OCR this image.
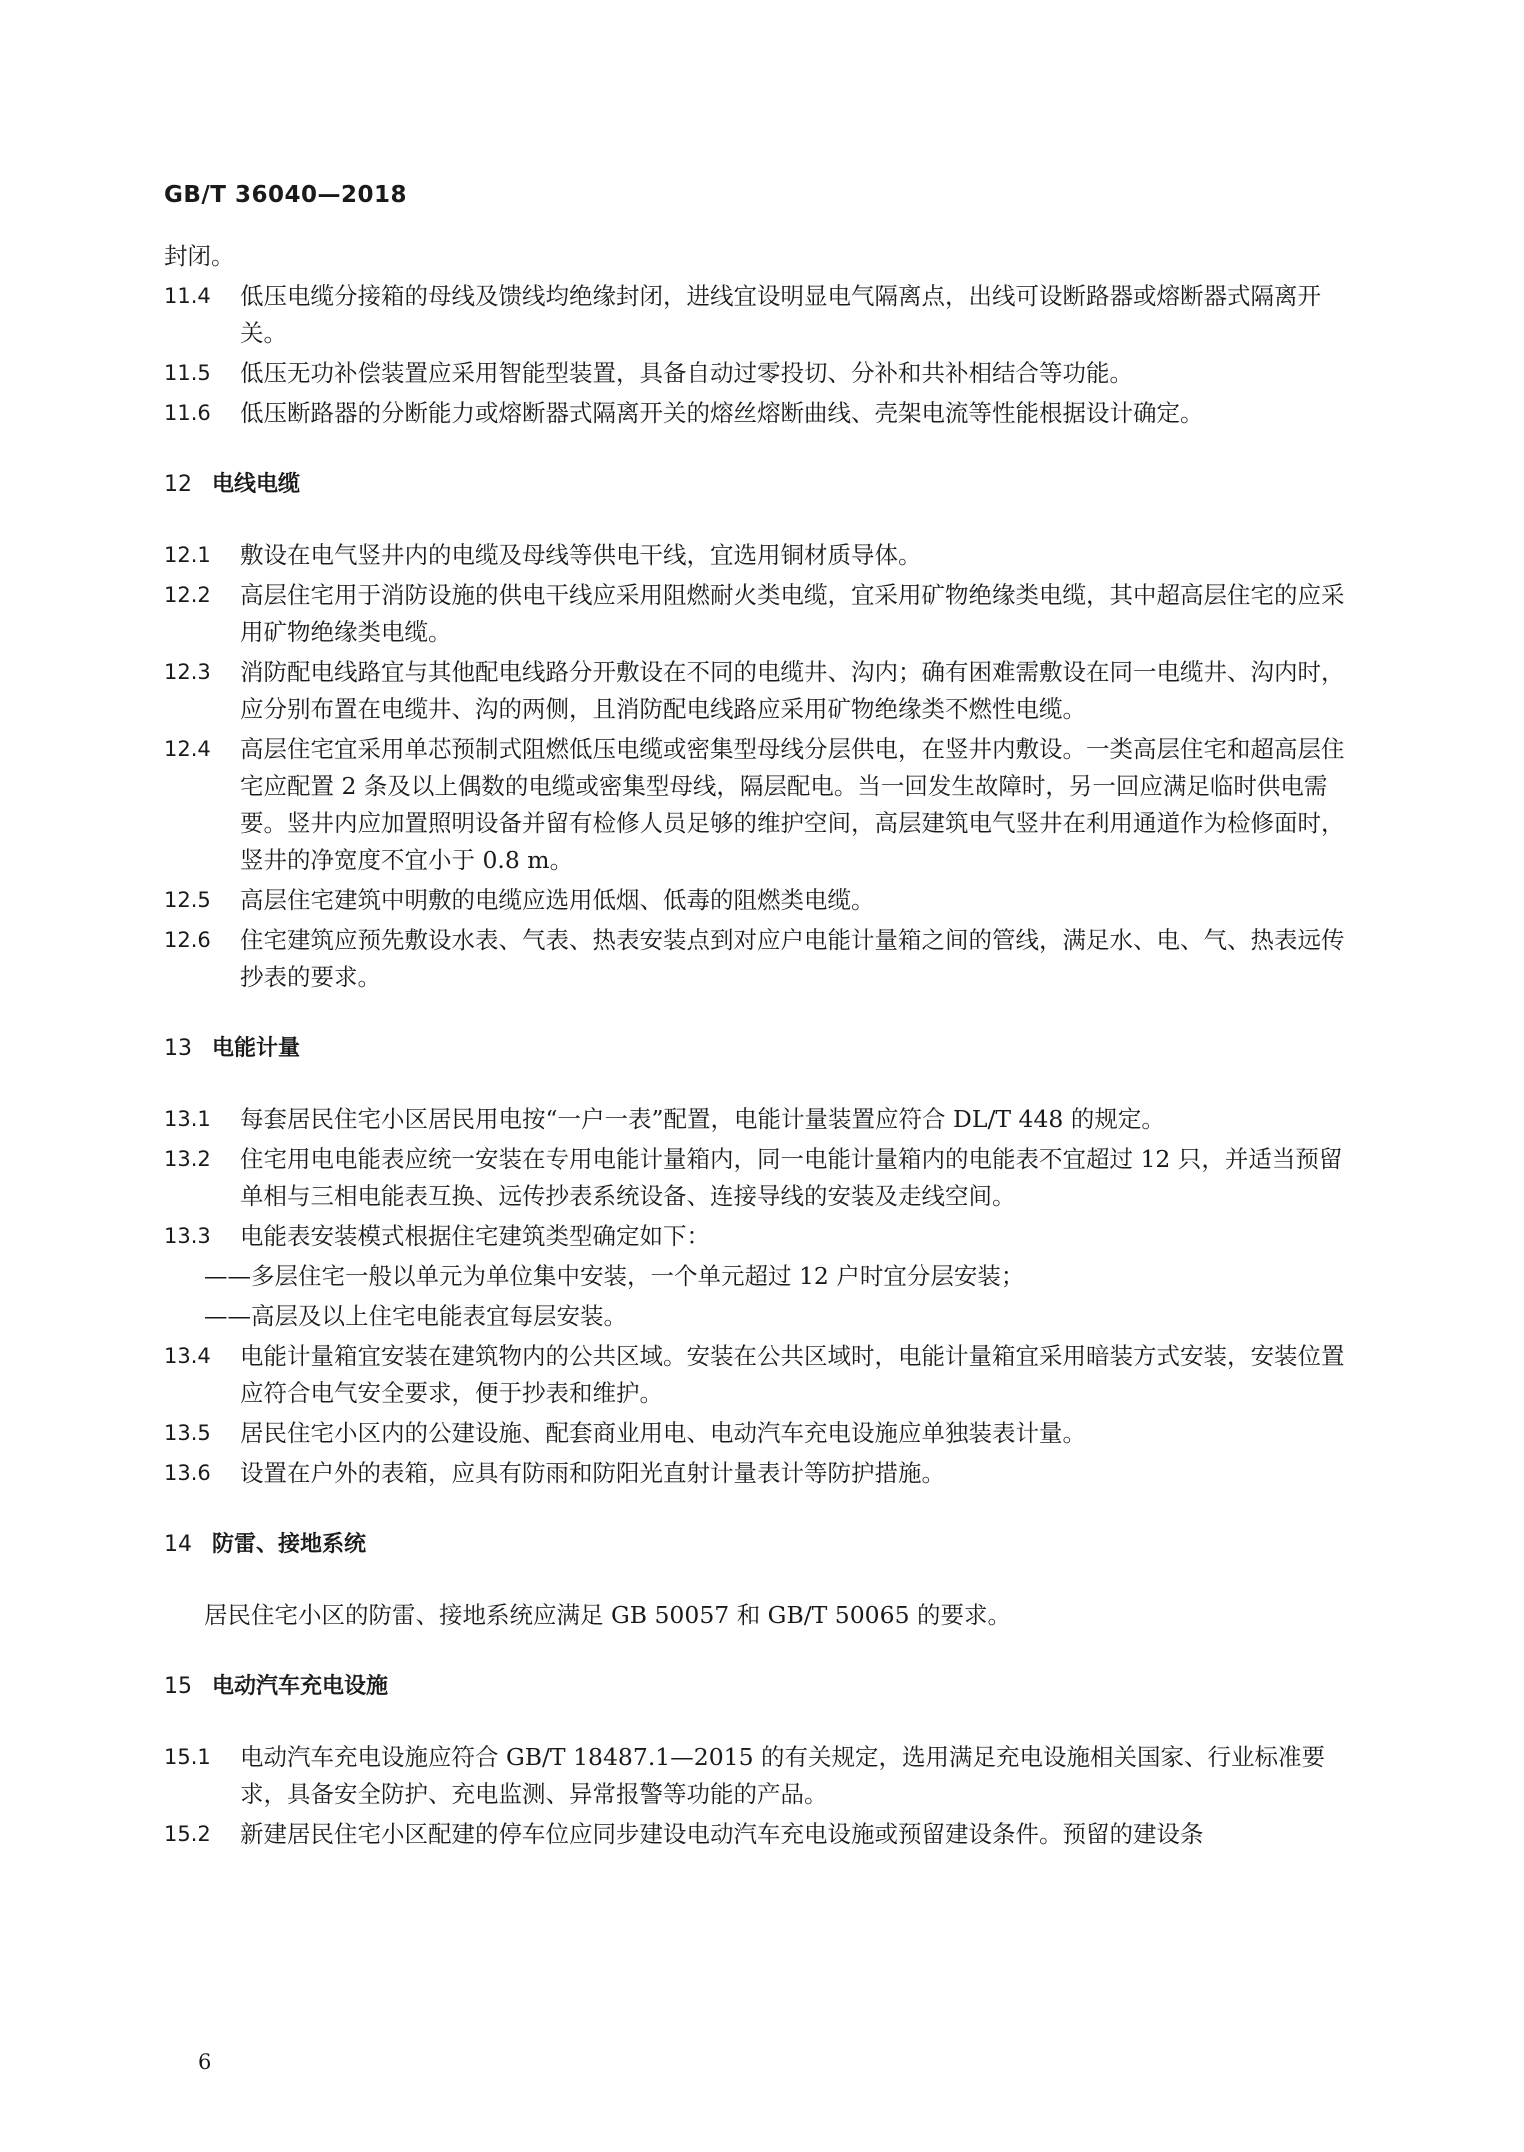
GB/T 36040—2018
封闭。
11.4 低压电缆分接箱的母线及馈线均绝缘封闭，进线宜设明显电气隔离点，出线可设断路器或熔断器式隔离开关。
11.5 低压无功补偿装置应采用智能型装置，具备自动过零投切、分补和共补相结合等功能。
11.6 低压断路器的分断能力或熔断器式隔离开关的熔丝熔断曲线、壳架电流等性能根据设计确定。
12 电线电缆
12.1 敷设在电气竖井内的电缆及母线等供电干线，宜选用铜材质导体。
12.2 高层住宅用于消防设施的供电干线应采用阻燃耐火类电缆，宜采用矿物绝缘类电缆，其中超高层住宅的应采用矿物绝缘类电缆。
12.3 消防配电线路宜与其他配电线路分开敷设在不同的电缆井、沟内；确有困难需敷设在同一电缆井、沟内时，应分别布置在电缆井、沟的两侧，且消防配电线路应采用矿物绝缘类不燃性电缆。
12.4 高层住宅宜采用单芯预制式阻燃低压电缆或密集型母线分层供电，在竖井内敷设。一类高层住宅和超高层住宅应配置 2 条及以上偶数的电缆或密集型母线，隔层配电。当一回发生故障时，另一回应满足临时供电需要。竖井内应加置照明设备并留有检修人员足够的维护空间，高层建筑电气竖井在利用通道作为检修面时，竖井的净宽度不宜小于 0.8 m。
12.5 高层住宅建筑中明敷的电缆应选用低烟、低毒的阻燃类电缆。
12.6 住宅建筑应预先敷设水表、气表、热表安装点到对应户电能计量箱之间的管线，满足水、电、气、热表远传抄表的要求。
13 电能计量
13.1 每套居民住宅小区居民用电按“一户一表”配置，电能计量装置应符合 DL/T 448 的规定。
13.2 住宅用电电能表应统一安装在专用电能计量箱内，同一电能计量箱内的电能表不宜超过 12 只，并适当预留单相与三相电能表互换、远传抄表系统设备、连接导线的安装及走线空间。
13.3 电能表安装模式根据住宅建筑类型确定如下：
——多层住宅一般以单元为单位集中安装，一个单元超过 12 户时宜分层安装；
——高层及以上住宅电能表宜每层安装。
13.4 电能计量箱宜安装在建筑物内的公共区域。安装在公共区域时，电能计量箱宜采用暗装方式安装，安装位置应符合电气安全要求，便于抄表和维护。
13.5 居民住宅小区内的公建设施、配套商业用电、电动汽车充电设施应单独装表计量。
13.6 设置在户外的表箱，应具有防雨和防阳光直射计量表计等防护措施。
14 防雷、接地系统
居民住宅小区的防雷、接地系统应满足 GB 50057 和 GB/T 50065 的要求。
15 电动汽车充电设施
15.1 电动汽车充电设施应符合 GB/T 18487.1—2015 的有关规定，选用满足充电设施相关国家、行业标准要求，具备安全防护、充电监测、异常报警等功能的产品。
15.2 新建居民住宅小区配建的停车位应同步建设电动汽车充电设施或预留建设条件。预留的建设条
6
